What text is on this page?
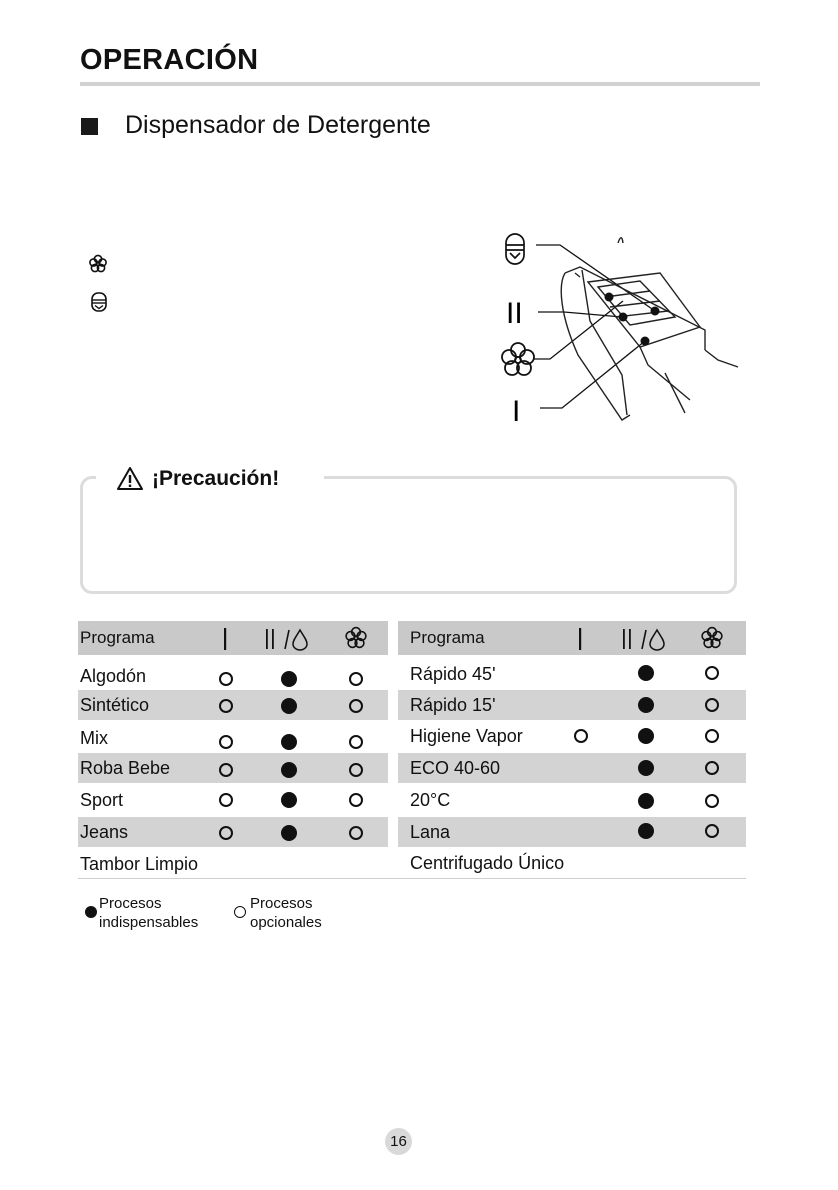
OPERACIÓN
Dispensador de Detergente
II
I
¡Precaución!
Programa
Algodón
Sintético
Mix
Roba Bebe
Sport
Jeans
Tambor Limpio
Programa
Rápido 45'
Rápido 15'
Higiene Vapor
ECO 40-60
20°C
Lana
Centrifugado Único
Procesos
indispensables
Procesos
opcionales
16
